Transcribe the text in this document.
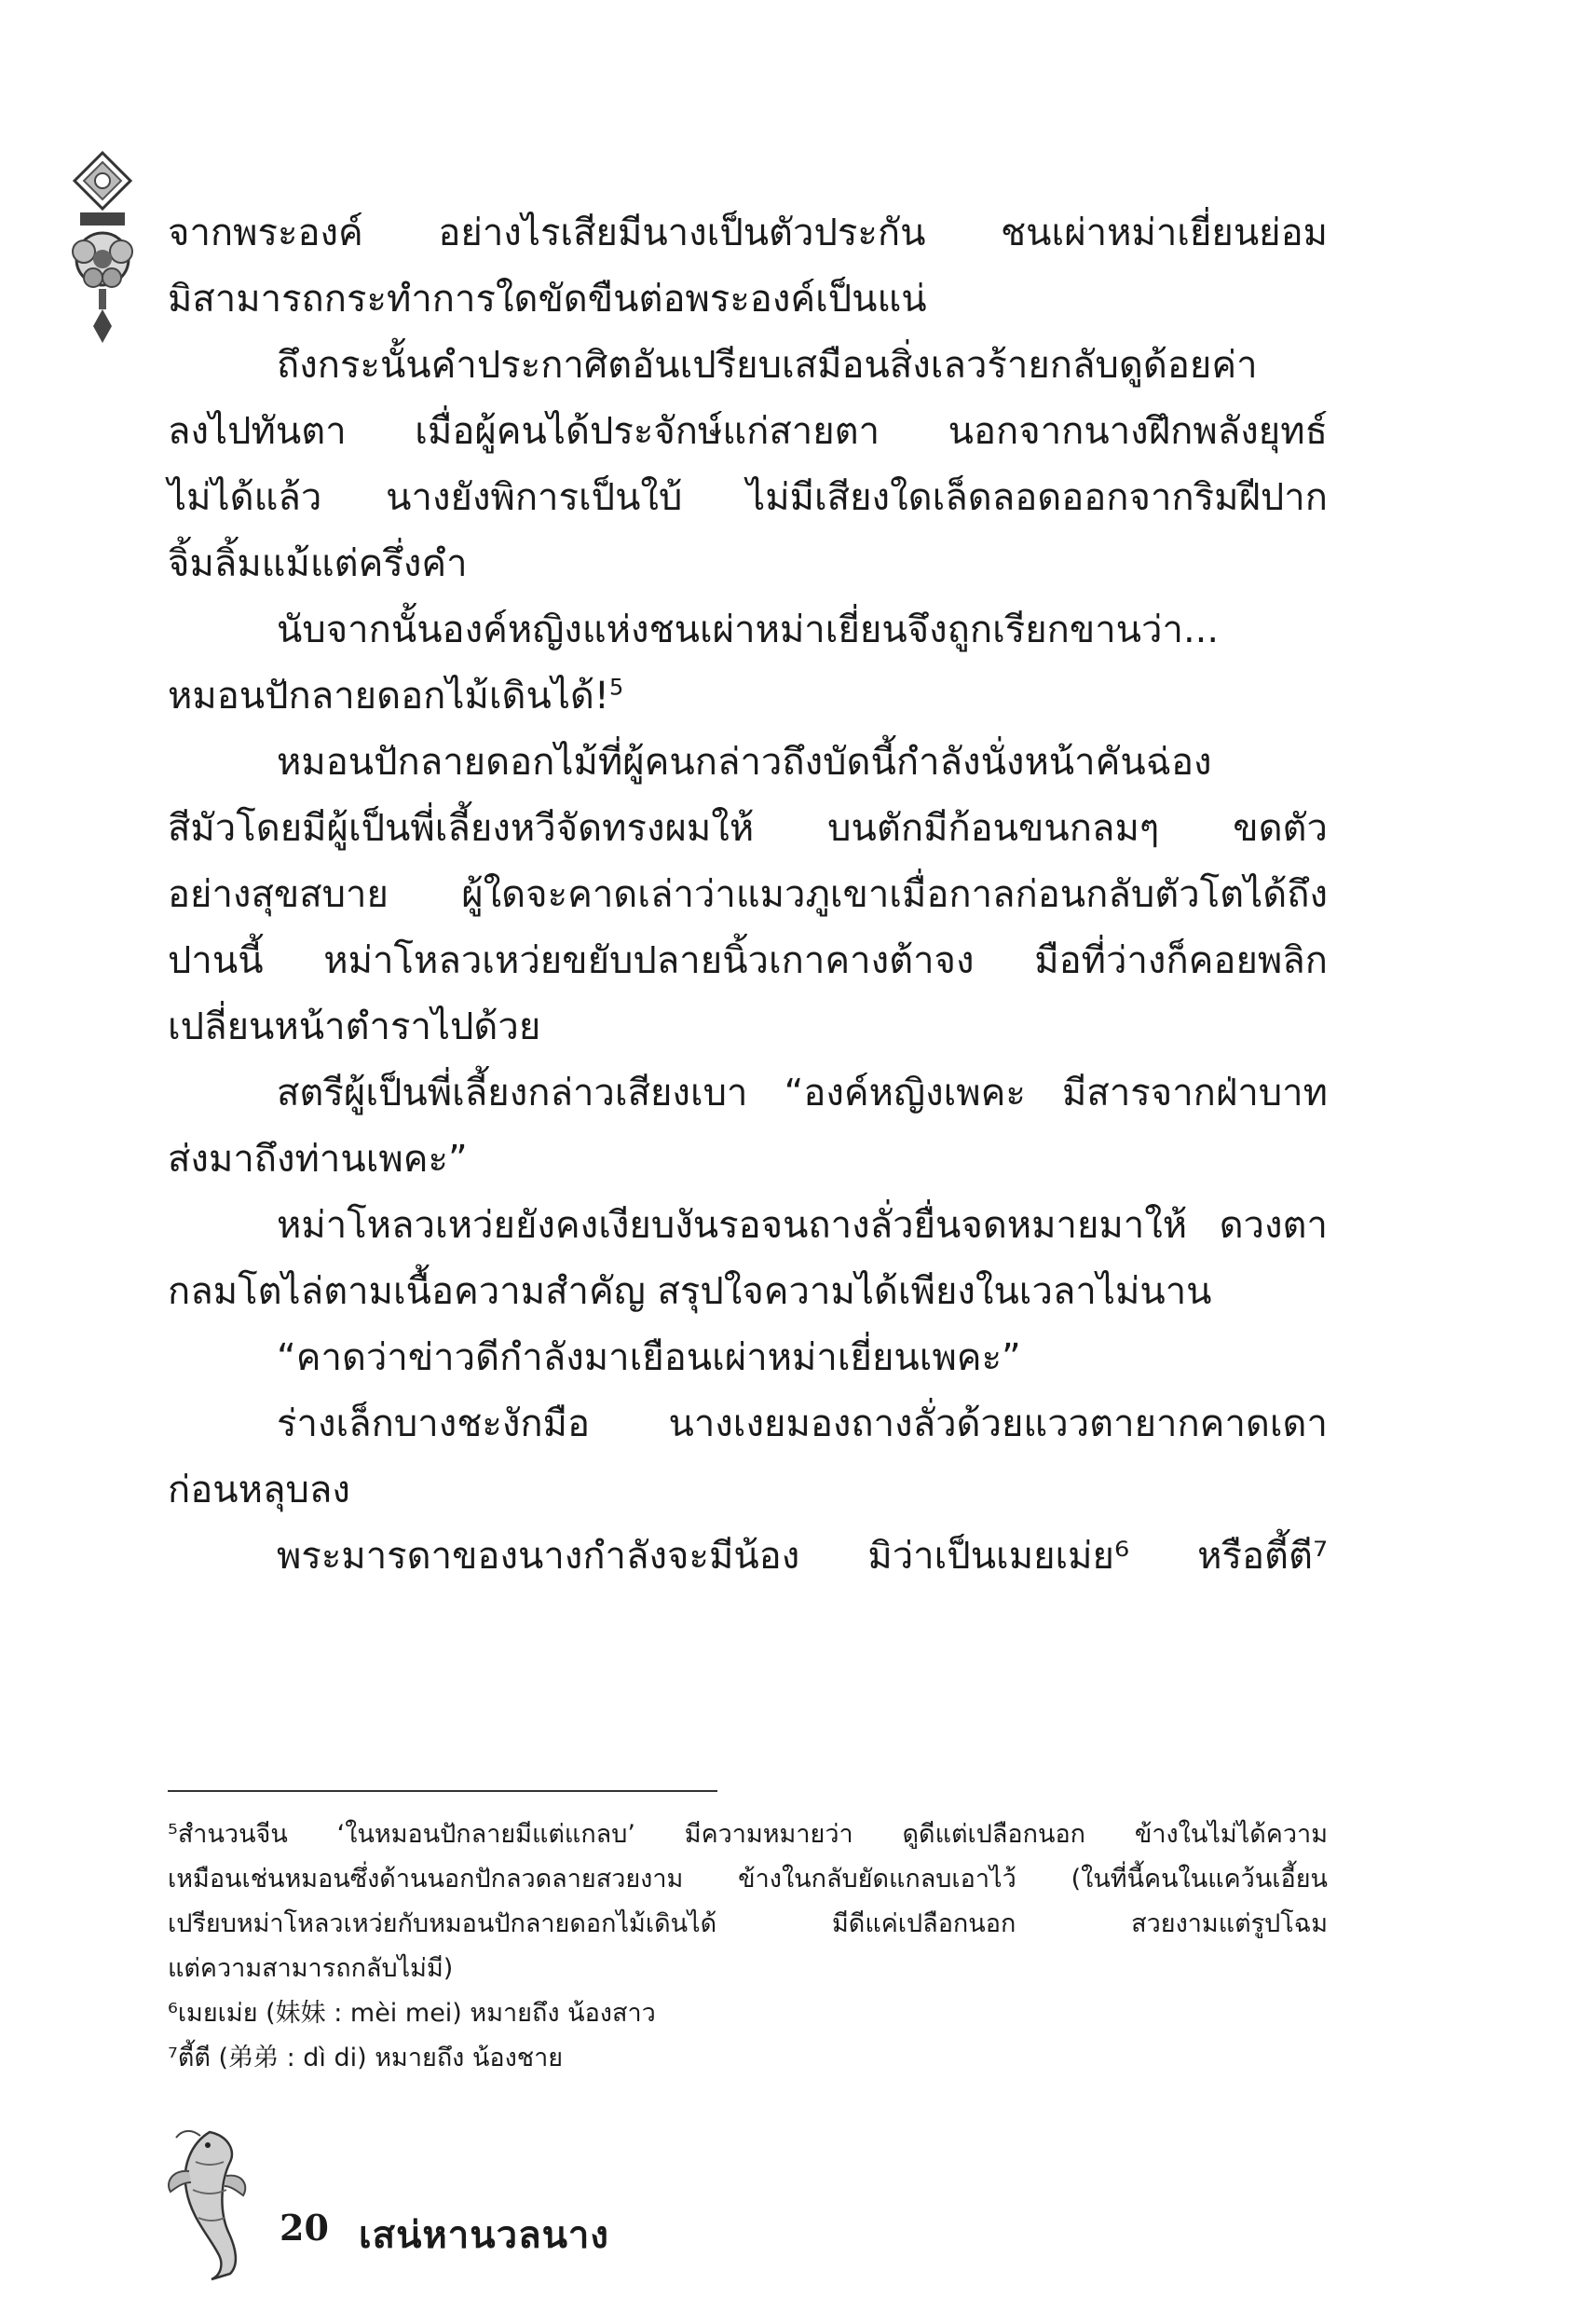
จากพระองค์ อย่างไรเสียมีนางเป็นตัวประกัน ชนเผ่าหม่าเยี่ยนย่อม

มิสามารถกระทำการใดขัดขืนต่อพระองค์เป็นแน่

ถึงกระนั้นคำประกาศิตอันเปรียบเสมือนสิ่งเลวร้ายกลับดูด้อยค่า

ลงไปทันตา เมื่อผู้คนได้ประจักษ์แก่สายตา นอกจากนางฝึกพลังยุทธ์

ไม่ได้แล้ว นางยังพิการเป็นใบ้ ไม่มีเสียงใดเล็ดลอดออกจากริมฝีปาก

จิ้มลิ้มแม้แต่ครึ่งคำ

นับจากนั้นองค์หญิงแห่งชนเผ่าหม่าเยี่ยนจึงถูกเรียกขานว่า...

หมอนปักลายดอกไม้เดินได้!$^5$

หมอนปักลายดอกไม้ที่ผู้คนกล่าวถึงบัดนี้กำลังนั่งหน้าคันฉ่อง

สีมัวโดยมีผู้เป็นพี่เลี้ยงหวีจัดทรงผมให้ บนตักมีก้อนขนกลมๆ ขดตัว

อย่างสุขสบาย ผู้ใดจะคาดเล่าว่าแมวภูเขาเมื่อกาลก่อนกลับตัวโตได้ถึง

ปานนี้ หม่าโหลวเหว่ยขยับปลายนิ้วเกาคางต้าจง มือที่ว่างก็คอยพลิก

เปลี่ยนหน้าตำราไปด้วย

สตรีผู้เป็นพี่เลี้ยงกล่าวเสียงเบา “องค์หญิงเพคะ มีสารจากฝ่าบาท

ส่งมาถึงท่านเพคะ”

หม่าโหลวเหว่ยยังคงเงียบงันรอจนถางลั่วยื่นจดหมายมาให้ ดวงตา

กลมโตไล่ตามเนื้อความสำคัญ สรุปใจความได้เพียงในเวลาไม่นาน

“คาดว่าข่าวดีกำลังมาเยือนเผ่าหม่าเยี่ยนเพคะ”

ร่างเล็กบางชะงักมือ นางเงยมองถางลั่วด้วยแววตายากคาดเดา

ก่อนหลุบลง

พระมารดาของนางกำลังจะมีน้อง มิว่าเป็นเมยเม่ย⁶ หรือตี้ตี⁷

⁵สำนวนจีน ‘ในหมอนปักลายมีแต่แกลบ’ มีความหมายว่า ดูดีแต่เปลือกนอก ข้างในไม่ได้ความ
เหมือนเช่นหมอนซึ่งด้านนอกปักลวดลายสวยงาม ข้างในกลับยัดแกลบเอาไว้ (ในที่นี้คนในแคว้นเอี้ยน
เปรียบหม่าโหลวเหว่ยกับหมอนปักลายดอกไม้เดินได้ มีดีแค่เปลือกนอก สวยงามแต่รูปโฉม
แต่ความสามารถกลับไม่มี)

⁶เมยเม่ย (妹妹 : mèi mei) หมายถึง น้องสาว

⁷ตี้ตี (弟弟 : dì di) หมายถึง น้องชาย

20 เสน่หานวลนาง
